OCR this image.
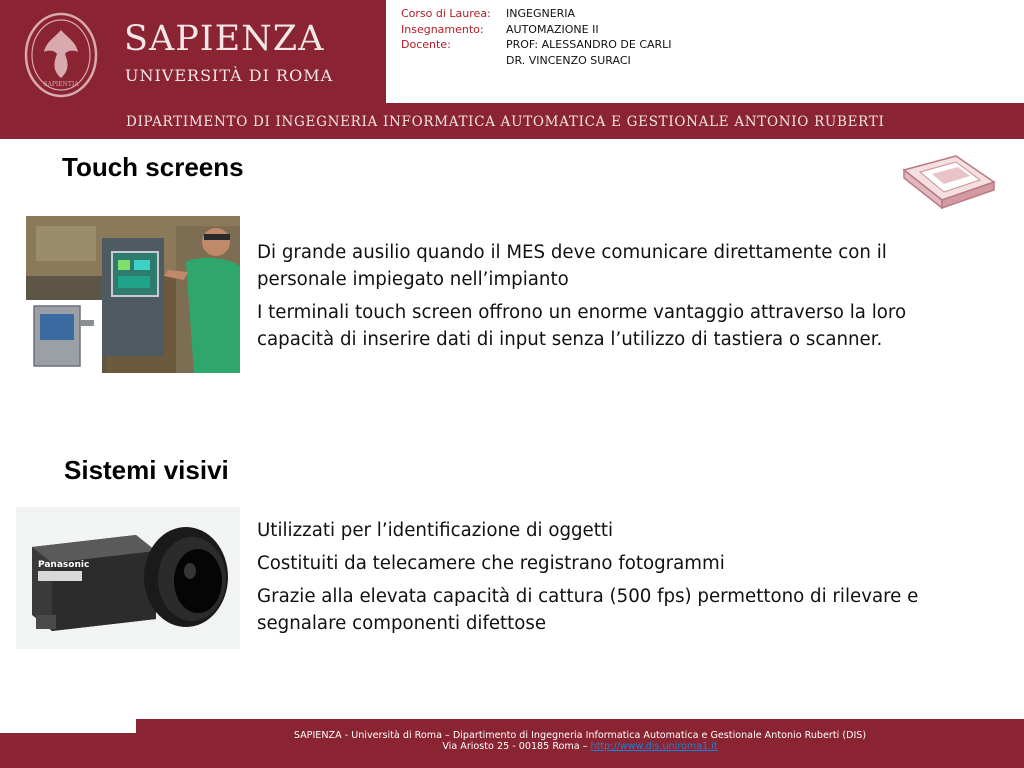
SAPIENTIA
SAPIENZA
UNIVERSITÀ DI ROMA
Corso di Laurea:	INGEGNERIA
Insegnamento:	AUTOMAZIONE II
Docente:	PROF: ALESSANDRO DE CARLI
DR. VINCENZO SURACI
DIPARTIMENTO DI INGEGNERIA INFORMATICA AUTOMATICA E GESTIONALE ANTONIO RUBERTI
Touch screens

Di grande ausilio quando il MES deve comunicare direttamente con il personale impiegato nell’impianto

I terminali touch screen offrono un enorme vantaggio attraverso la loro capacità di inserire dati di input senza l’utilizzo di tastiera o scanner.

Sistemi visivi
Panasonic

Utilizzati per l’identificazione di oggetti

Costituiti da telecamere che registrano fotogrammi

Grazie alla elevata capacità di cattura (500 fps) permettono di rilevare e segnalare componenti difettose

SAPIENZA - Università di Roma – Dipartimento di Ingegneria Informatica Automatica e Gestionale Antonio Ruberti (DIS)
Via Ariosto 25 - 00185 Roma – http://www.dis.uniroma1.it
